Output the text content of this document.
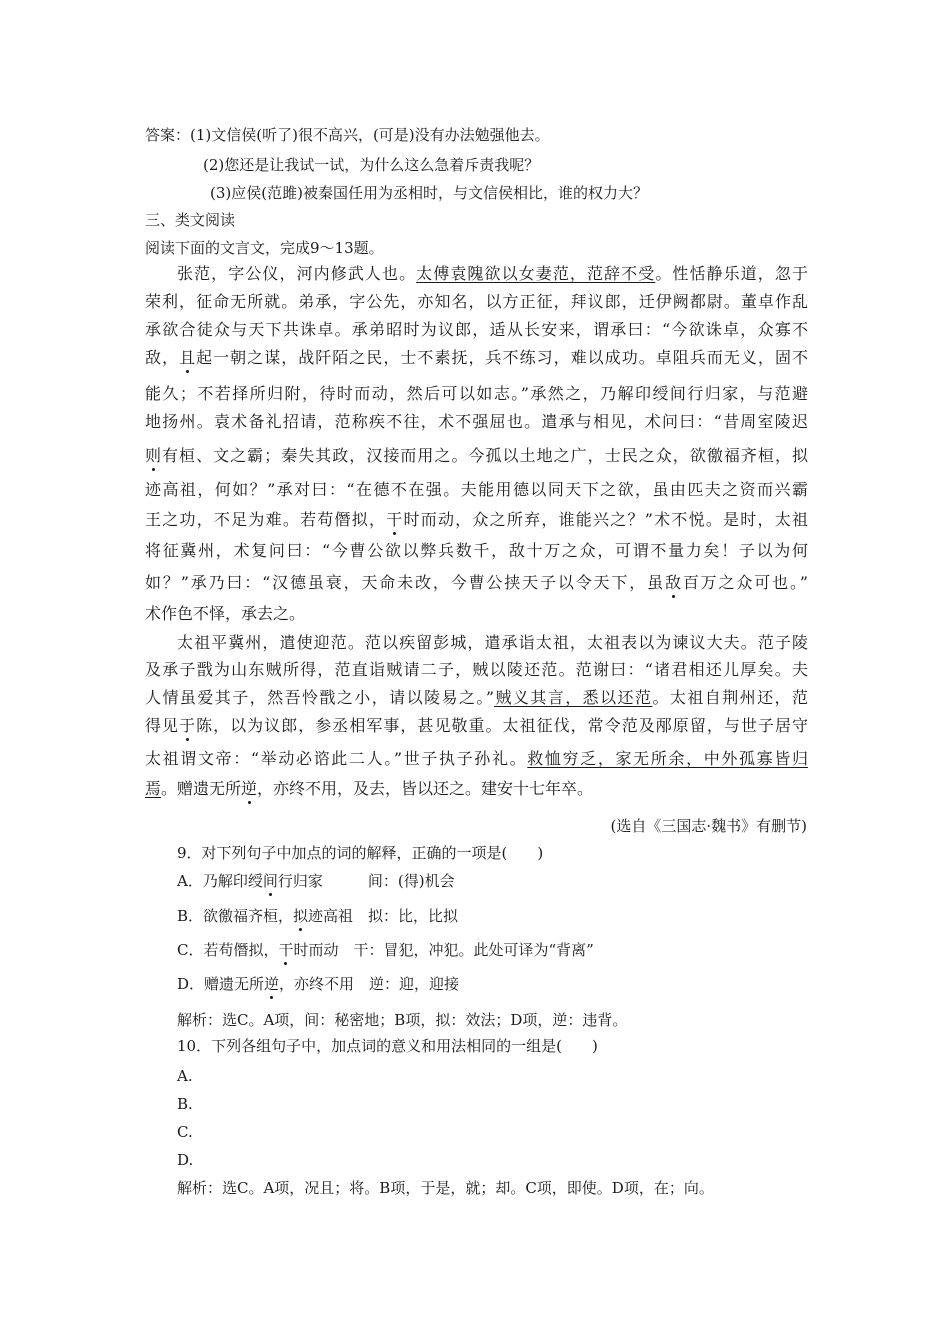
答案：(1)文信侯(听了)很不高兴，(可是)没有办法勉强他去。
(2)您还是让我试一试，为什么这么急着斥责我呢？
(3)应侯(范雎)被秦国任用为丞相时，与文信侯相比，谁的权力大？
三、类文阅读
阅读下面的文言文，完成9～13题。
张范，字公仪，河内修武人也。太傅袁隗欲以女妻范，范辞不受。性恬静乐道，忽于
荣利，征命无所就。弟承，字公先，亦知名，以方正征，拜议郎，迁伊阙都尉。董卓作乱
承欲合徒众与天下共诛卓。承弟昭时为议郎，适从长安来，谓承曰：“今欲诛卓，众寡不
敌，且起一朝之谋，战阡陌之民，士不素抚，兵不练习，难以成功。卓阻兵而无义，固不
能久；不若择所归附，待时而动，然后可以如志。”承然之，乃解印绶间行归家，与范避
地扬州。袁术备礼招请，范称疾不往，术不强屈也。遣承与相见，术问曰：“昔周室陵迟
则有桓、文之霸；秦失其政，汉接而用之。今孤以土地之广，士民之众，欲徼福齐桓，拟
迹高祖，何如？”承对曰：“在德不在强。夫能用德以同天下之欲，虽由匹夫之资而兴霸
王之功，不足为难。若苟僭拟，干时而动，众之所弃，谁能兴之？”术不悦。是时，太祖
将征冀州，术复问曰：“今曹公欲以弊兵数千，敌十万之众，可谓不量力矣！子以为何
如？”承乃曰：“汉德虽衰，天命未改，今曹公挟天子以令天下，虽敌百万之众可也。”
术作色不怿，承去之。
太祖平冀州，遣使迎范。范以疾留彭城，遣承诣太祖，太祖表以为谏议大夫。范子陵
及承子戬为山东贼所得，范直诣贼请二子，贼以陵还范。范谢曰：“诸君相还儿厚矣。夫
人情虽爱其子，然吾怜戬之小，请以陵易之。”贼义其言，悉以还范。太祖自荆州还，范
得见于陈，以为议郎，参丞相军事，甚见敬重。太祖征伐，常令范及邴原留，与世子居守
太祖谓文帝：“举动必谘此二人。”世子执子孙礼。救恤穷乏，家无所余，中外孤寡皆归
焉。赠遗无所逆，亦终不用，及去，皆以还之。建安十七年卒。
(选自《三国志·魏书》有删节)
9．对下列句子中加点的词的解释，正确的一项是(　　)
A．乃解印绶间行归家　　　间：(得)机会
B．欲徼福齐桓，拟迹高祖　拟：比，比拟
C．若苟僭拟，干时而动　干：冒犯，冲犯。此处可译为“背离”
D．赠遗无所逆，亦终不用　逆：迎，迎接
解析：选C。A项，间：秘密地；B项，拟：效法；D项，逆：违背。
10．下列各组句子中，加点词的意义和用法相同的一组是(　　)
A.
B.
C.
D.
解析：选C。A项，况且；将。B项，于是，就；却。C项，即使。D项，在；向。
